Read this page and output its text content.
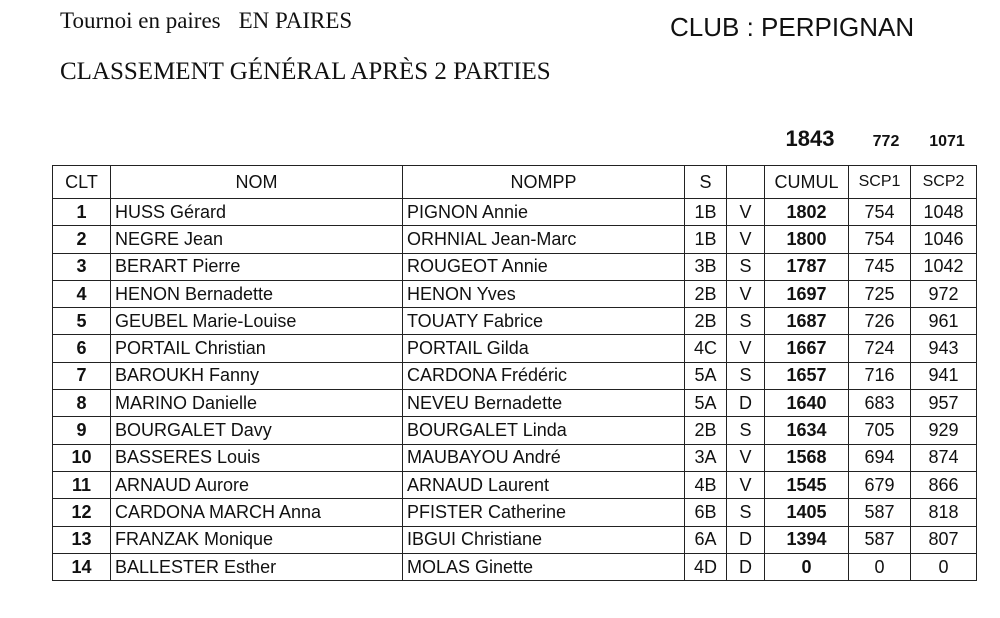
Tournoi en paires EN PAIRES	CLUB : PERPIGNAN
CLASSEMENT GÉNÉRAL APRÈS 2 PARTIES
1843	772	1071
CLT	NOM	NOMPP	S		CUMUL	SCP1	SCP2
1	HUSS Gérard	PIGNON Annie	1B	V	1802	754	1048
2	NEGRE Jean	ORHNIAL Jean-Marc	1B	V	1800	754	1046
3	BERART Pierre	ROUGEOT Annie	3B	S	1787	745	1042
4	HENON Bernadette	HENON Yves	2B	V	1697	725	972
5	GEUBEL Marie-Louise	TOUATY Fabrice	2B	S	1687	726	961
6	PORTAIL Christian	PORTAIL Gilda	4C	V	1667	724	943
7	BAROUKH Fanny	CARDONA Frédéric	5A	S	1657	716	941
8	MARINO Danielle	NEVEU Bernadette	5A	D	1640	683	957
9	BOURGALET Davy	BOURGALET Linda	2B	S	1634	705	929
10	BASSERES Louis	MAUBAYOU André	3A	V	1568	694	874
11	ARNAUD Aurore	ARNAUD Laurent	4B	V	1545	679	866
12	CARDONA MARCH Anna	PFISTER Catherine	6B	S	1405	587	818
13	FRANZAK Monique	IBGUI Christiane	6A	D	1394	587	807
14	BALLESTER Esther	MOLAS Ginette	4D	D	0	0	0
